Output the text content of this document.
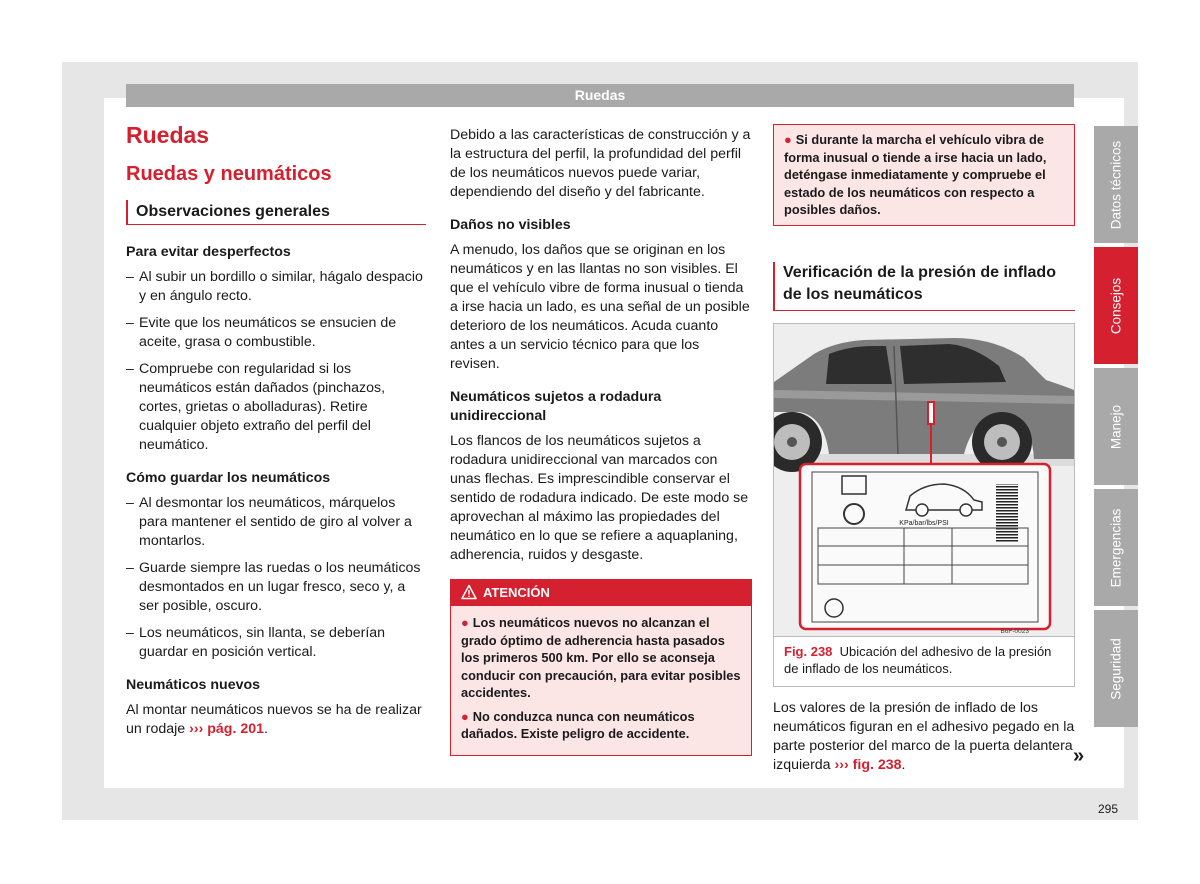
Ruedas
Ruedas
Ruedas y neumáticos
Observaciones generales
Para evitar desperfectos
– Al subir un bordillo o similar, hágalo despacio y en ángulo recto.
– Evite que los neumáticos se ensucien de aceite, grasa o combustible.
– Compruebe con regularidad si los neumáticos están dañados (pinchazos, cortes, grietas o abolladuras). Retire cualquier objeto extraño del perfil del neumático.
Cómo guardar los neumáticos
– Al desmontar los neumáticos, márquelos para mantener el sentido de giro al volver a montarlos.
– Guarde siempre las ruedas o los neumáticos desmontados en un lugar fresco, seco y, a ser posible, oscuro.
– Los neumáticos, sin llanta, se deberían guardar en posición vertical.
Neumáticos nuevos

Al montar neumáticos nuevos se ha de realizar un rodaje ››› pág. 201.

Debido a las características de construcción y a la estructura del perfil, la profundidad del perfil de los neumáticos nuevos puede variar, dependiendo del diseño y del fabricante.

Daños no visibles

A menudo, los daños que se originan en los neumáticos y en las llantas no son visibles. El que el vehículo vibre de forma inusual o tienda a irse hacia un lado, es una señal de un posible deterioro de los neumáticos. Acuda cuanto antes a un servicio técnico para que los revisen.

Neumáticos sujetos a rodadura unidireccional

Los flancos de los neumáticos sujetos a rodadura unidireccional van marcados con unas flechas. Es imprescindible conservar el sentido de rodadura indicado. De este modo se aprovechan al máximo las propiedades del neumático en lo que se refiere a aquaplaning, adherencia, ruidos y desgaste.

ATENCIÓN
● Los neumáticos nuevos no alcanzan el grado óptimo de adherencia hasta pasados los primeros 500 km. Por ello se aconseja conducir con precaución, para evitar posibles accidentes.
● No conduzca nunca con neumáticos dañados. Existe peligro de accidente.
● Si durante la marcha el vehículo vibra de forma inusual o tiende a irse hacia un lado, deténgase inmediatamente y compruebe el estado de los neumáticos con respecto a posibles daños.
Verificación de la presión de inflado de los neumáticos
KPa/bar/lbs/PSI
B6F-0023
Fig. 238 Ubicación del adhesivo de la presión de inflado de los neumáticos.

Los valores de la presión de inflado de los neumáticos figuran en el adhesivo pegado en la parte posterior del marco de la puerta delantera izquierda ››› fig. 238.

Datos técnicos
Consejos
Manejo
Emergencias
Seguridad
»
295
